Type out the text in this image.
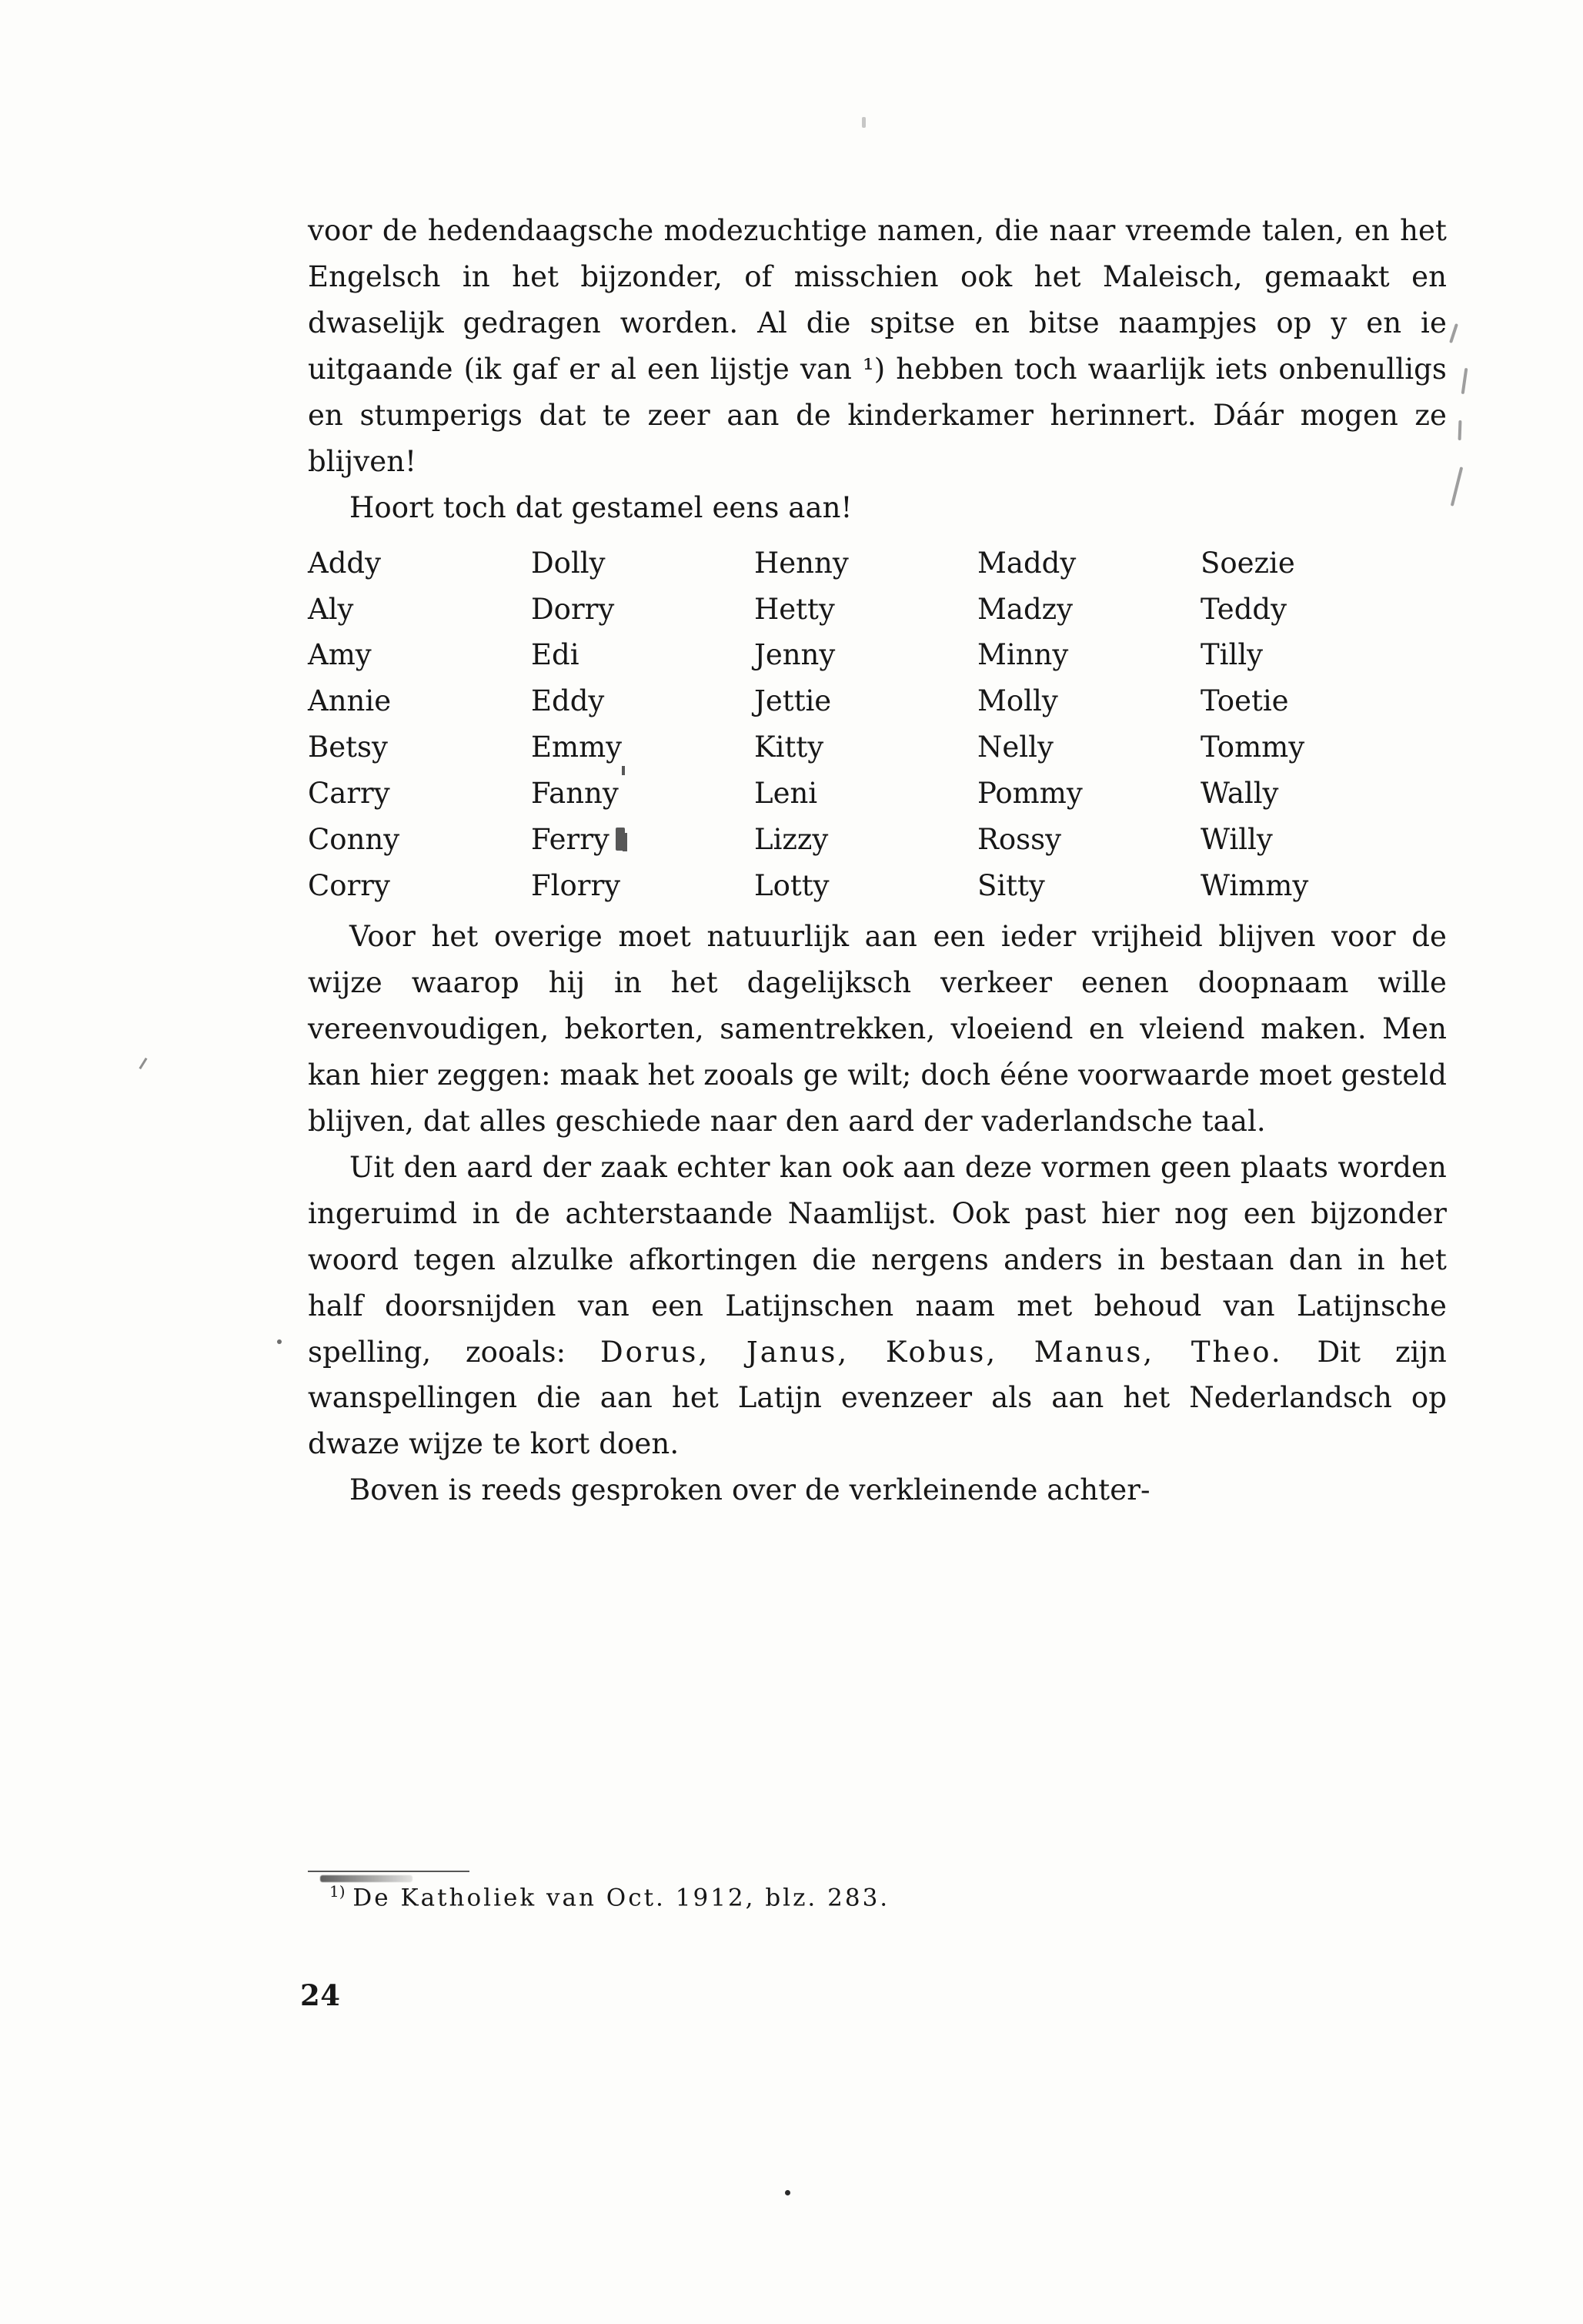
voor de hedendaagsche modezuchtige namen, die naar vreemde talen, en het Engelsch in het bijzonder, of misschien ook het Maleisch, gemaakt en dwaselijk gedragen worden. Al die spitse en bitse naampjes op y en ie uitgaande (ik gaf er al een lijstje van ¹) hebben toch waarlijk iets onbenulligs en stumperigs dat te zeer aan de kinderkamer herinnert. Dáár mogen ze blijven!

Hoort toch dat gestamel eens aan!

Addy	Dolly	Henny	Maddy	Soezie
Aly	Dorry	Hetty	Madzy	Teddy
Amy	Edi	Jenny	Minny	Tilly
Annie	Eddy	Jettie	Molly	Toetie
Betsy	Emmy	Kitty	Nelly	Tommy
Carry	Fanny	Leni	Pommy	Wally
Conny	Ferry	Lizzy	Rossy	Willy
Corry	Florry	Lotty	Sitty	Wimmy

Voor het overige moet natuurlijk aan een ieder vrijheid blijven voor de wijze waarop hij in het dagelijksch verkeer eenen doopnaam wille vereenvoudigen, bekorten, samentrekken, vloeiend en vleiend maken. Men kan hier zeggen: maak het zooals ge wilt; doch ééne voorwaarde moet gesteld blijven, dat alles geschiede naar den aard der vaderlandsche taal.

Uit den aard der zaak echter kan ook aan deze vormen geen plaats worden ingeruimd in de achterstaande Naamlijst. Ook past hier nog een bijzonder woord tegen alzulke afkortingen die nergens anders in bestaan dan in het half doorsnijden van een Latijnschen naam met behoud van Latijnsche spelling, zooals: Dorus, Janus, Kobus, Manus, Theo. Dit zijn wanspellingen die aan het Latijn evenzeer als aan het Nederlandsch op dwaze wijze te kort doen.

Boven is reeds gesproken over de verkleinende achter-

$^{1)}$ De Katholiek van Oct. 1912, blz. 283.

24
